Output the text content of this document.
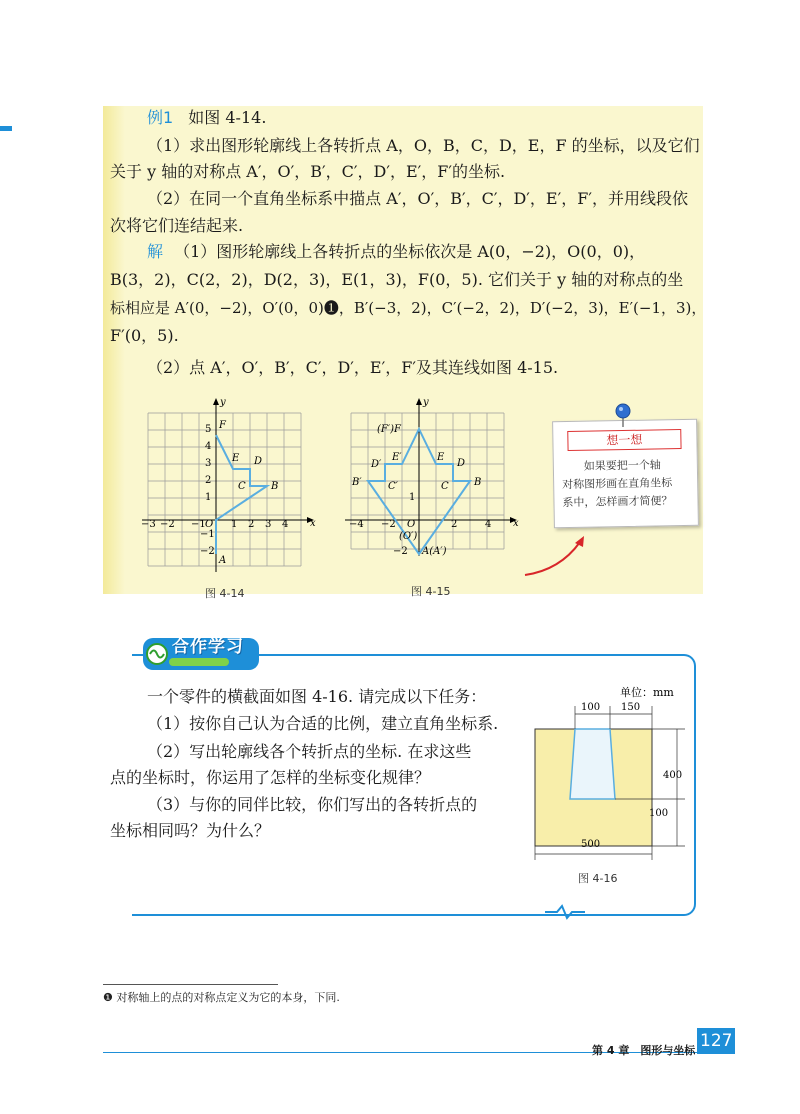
例1 如图 4-14.
（1）求出图形轮廓线上各转折点 A，O，B，C，D，E，F 的坐标，以及它们
关于 y 轴的对称点 A′，O′，B′，C′，D′，E′，F′的坐标.
（2）在同一个直角坐标系中描点 A′，O′，B′，C′，D′，E′，F′，并用线段依
次将它们连结起来.
解 （1）图形轮廓线上各转折点的坐标依次是 A(0，−2)，O(0，0)，
B(3，2)，C(2，2)，D(2，3)，E(1，3)，F(0，5). 它们关于 y 轴的对称点的坐
标相应是 A′(0，−2)，O′(0，0)❶，B′(−3，2)，C′(−2，2)，D′(−2，3)，E′(−1，3)，
F′(0，5).
（2）点 A′，O′，B′，C′，D′，E′，F′及其连线如图 4-15.
x
y
−3 −2 −1	1 2 3 4
5
4
3
2
1
−1
−2
A
O
B
C
D
E
F
图 4-14
x
y
−4 −2	2	4
1
−2
(F′)F
D′
E′	E
D
B′	C′	C	B
O
(O′)
A(A′)
图 4-15
想一想
如果要把一个轴
对称图形画在直角坐标
系中，怎样画才简便？
合作学习
一个零件的横截面如图 4-16. 请完成以下任务：
（1）按你自己认为合适的比例，建立直角坐标系.
（2）写出轮廓线各个转折点的坐标. 在求这些
点的坐标时，你运用了怎样的坐标变化规律？
（3）与你的同伴比较，你们写出的各转折点的
坐标相同吗？为什么？
单位：mm
100 150
400
100
500
图 4-16
❶ 对称轴上的点的对称点定义为它的本身，下同.
第 4 章　图形与坐标 127
